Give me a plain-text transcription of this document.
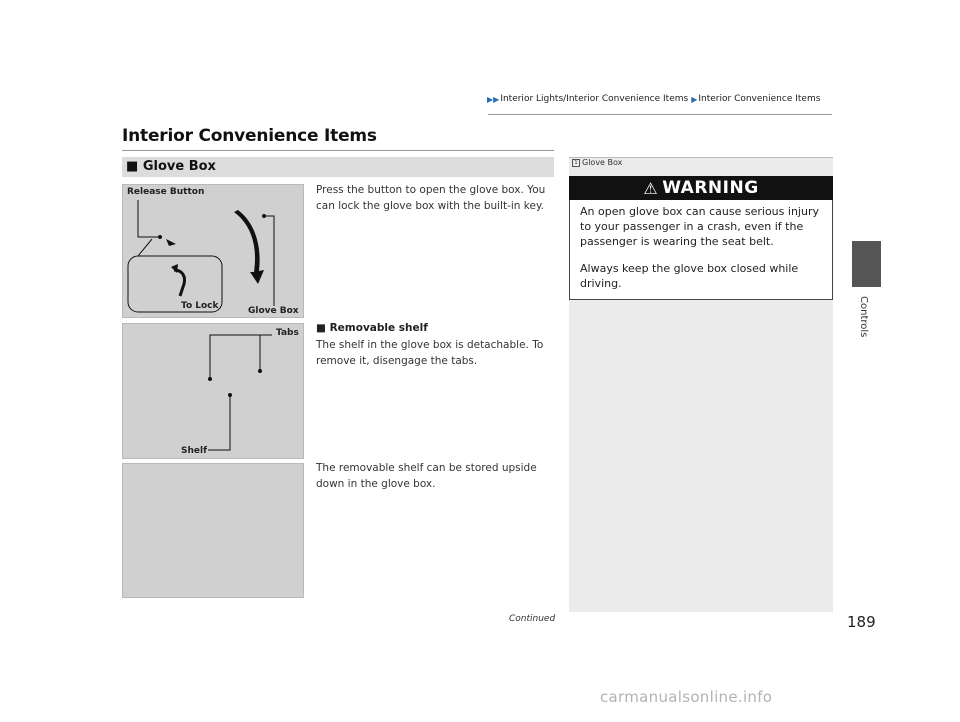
▶▶ Interior Lights/Interior Convenience Items ▶ Interior Convenience Items
Interior Convenience Items
■ Glove Box
Release Button
To Lock	Glove Box
Tabs
Shelf
Press the button to open the glove box. You can lock the glove box with the built-in key.
■ Removable shelf
The shelf in the glove box is detachable. To remove it, disengage the tabs.
The removable shelf can be stored upside down in the glove box.
1 Glove Box
⚠ WARNING
An open glove box can cause serious injury to your passenger in a crash, even if the passenger is wearing the seat belt.
Always keep the glove box closed while driving.
Controls
Continued	189
carmanualsonline.info
